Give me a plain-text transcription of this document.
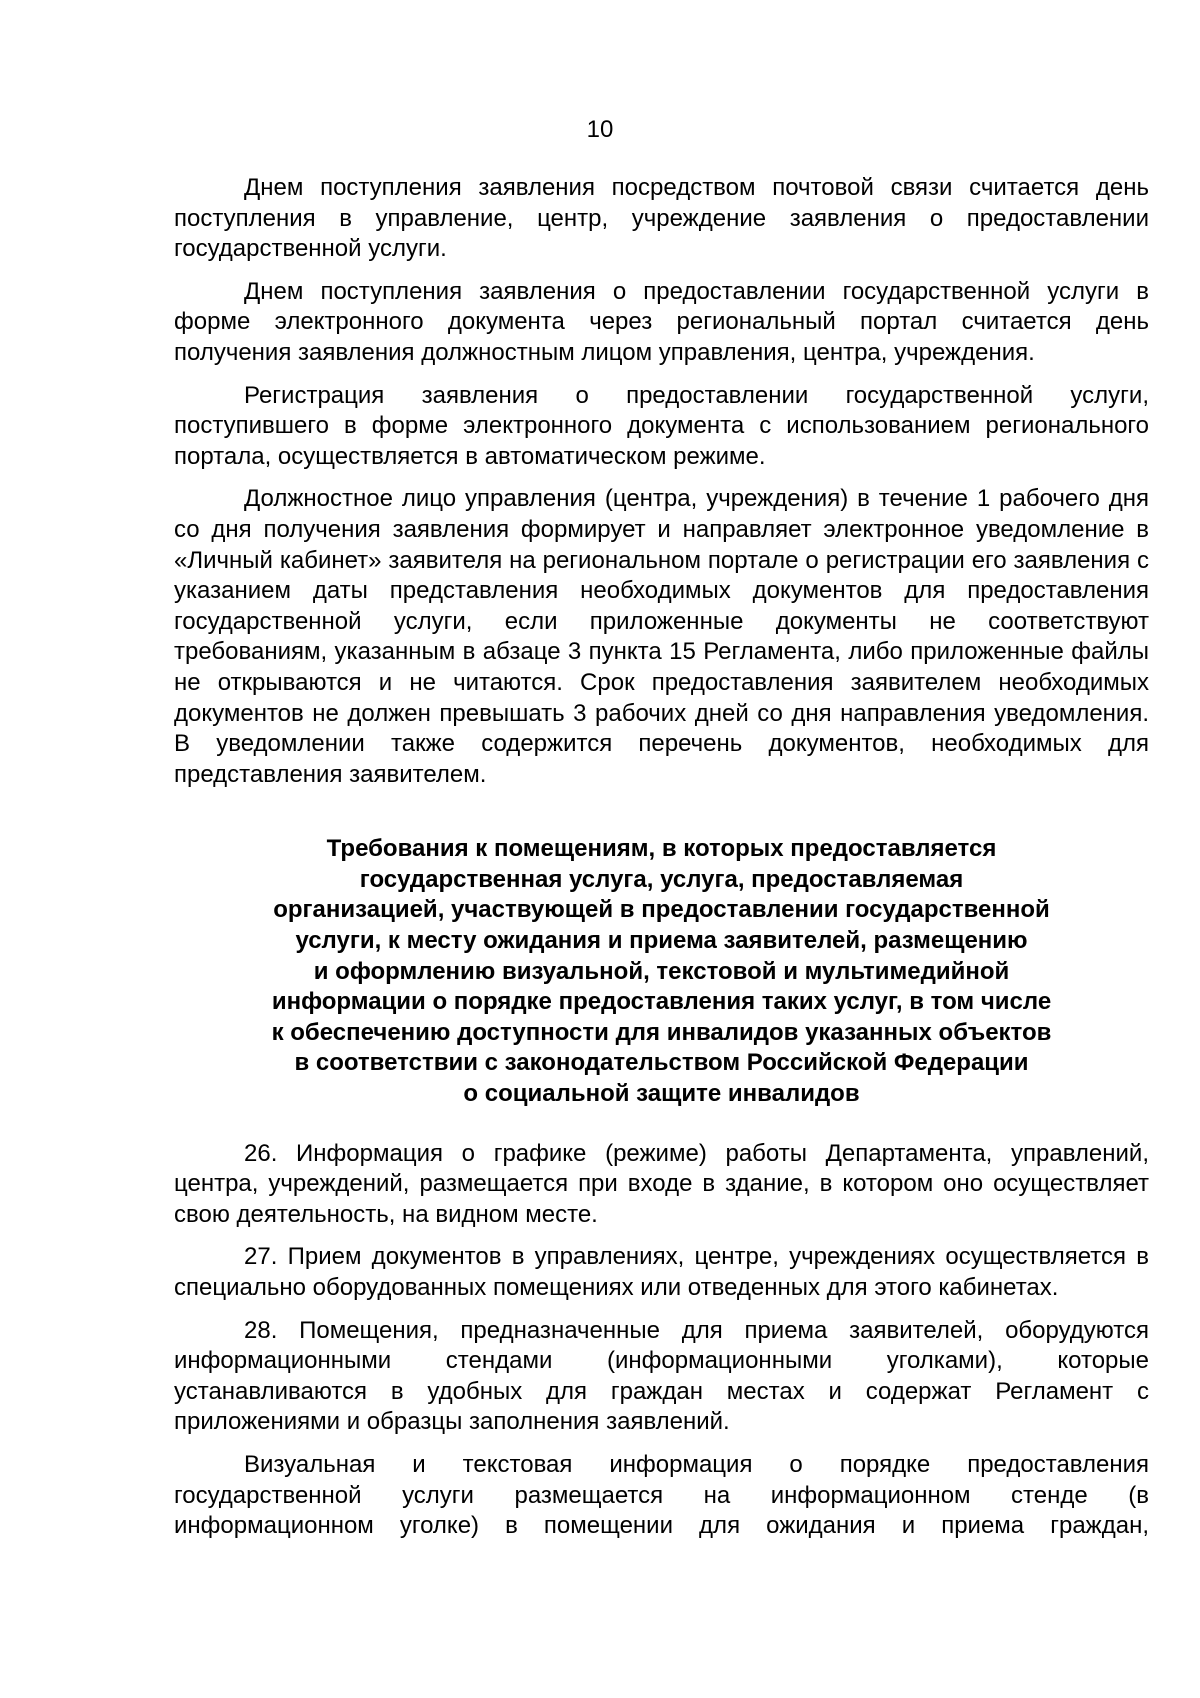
10

Днем поступления заявления посредством почтовой связи считается день поступления в управление, центр, учреждение заявления о предоставлении государственной услуги.

Днем поступления заявления о предоставлении государственной услуги в форме электронного документа через региональный портал считается день получения заявления должностным лицом управления, центра, учреждения.

Регистрация заявления о предоставлении государственной услуги, поступившего в форме электронного документа с использованием регионального портала, осуществляется в автоматическом режиме.

Должностное лицо управления (центра, учреждения) в течение 1 рабочего дня со дня получения заявления формирует и направляет электронное уведомление в «Личный кабинет» заявителя на региональном портале о регистрации его заявления с указанием даты представления необходимых документов для предоставления государственной услуги, если приложенные документы не соответствуют требованиям, указанным в абзаце 3 пункта 15 Регламента, либо приложенные файлы не открываются и не читаются. Срок предоставления заявителем необходимых документов не должен превышать 3 рабочих дней со дня направления уведомления. В уведомлении также содержится перечень документов, необходимых для представления заявителем.

Требования к помещениям, в которых предоставляется
государственная услуга, услуга, предоставляемая
организацией, участвующей в предоставлении государственной
услуги, к месту ожидания и приема заявителей, размещению
и оформлению визуальной, текстовой и мультимедийной
информации о порядке предоставления таких услуг, в том числе
к обеспечению доступности для инвалидов указанных объектов
в соответствии с законодательством Российской Федерации
о социальной защите инвалидов

26. Информация о графике (режиме) работы Департамента, управлений, центра, учреждений, размещается при входе в здание, в котором оно осуществляет свою деятельность, на видном месте.

27. Прием документов в управлениях, центре, учреждениях осуществляется в специально оборудованных помещениях или отведенных для этого кабинетах.

28. Помещения, предназначенные для приема заявителей, оборудуются информационными стендами (информационными уголками), которые устанавливаются в удобных для граждан местах и содержат Регламент с приложениями и образцы заполнения заявлений.

Визуальная и текстовая информация о порядке предоставления государственной услуги размещается на информационном стенде (в информационном уголке) в помещении для ожидания и приема граждан,
